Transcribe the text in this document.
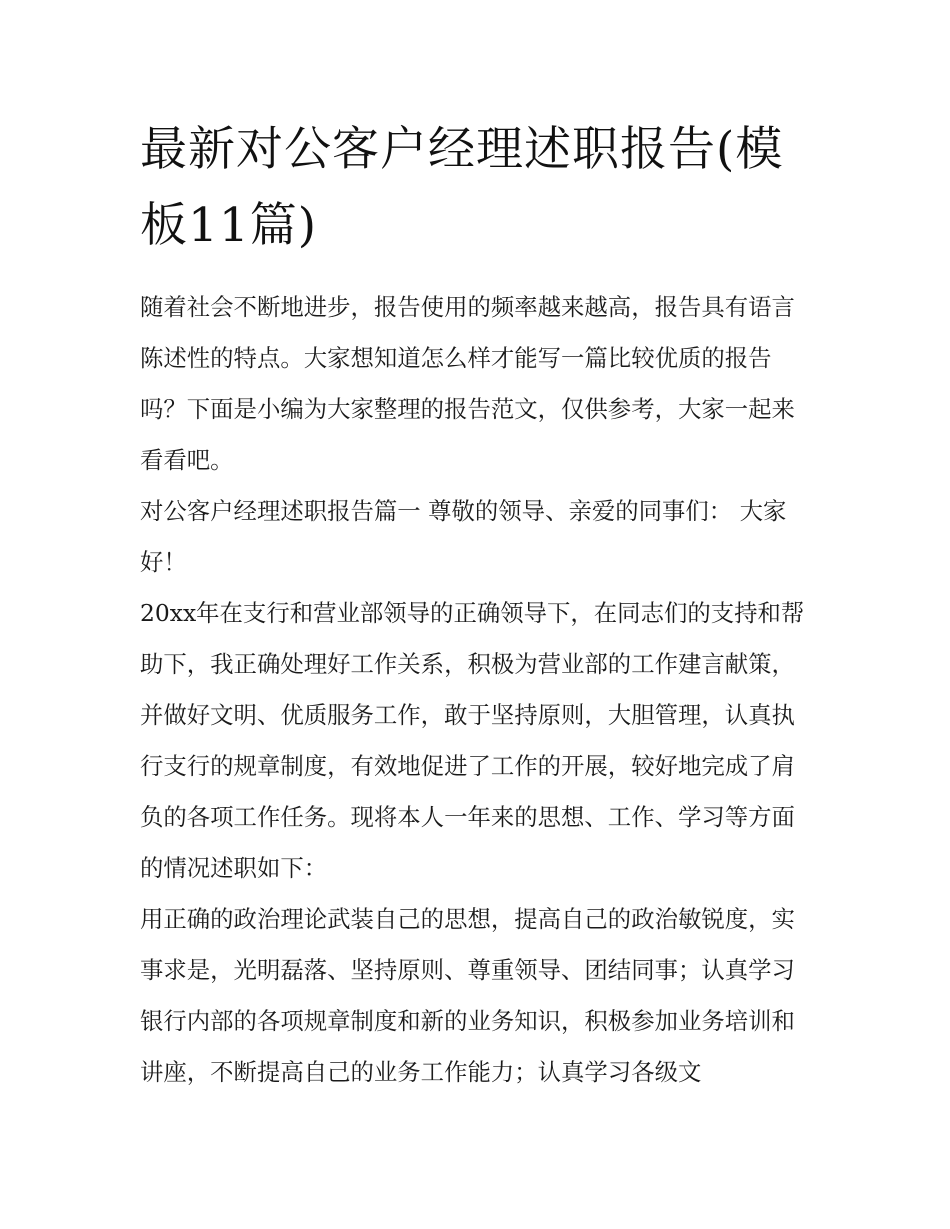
最新对公客户经理述职报告(模板11篇)

随着社会不断地进步，报告使用的频率越来越高，报告具有语言陈述性的特点。大家想知道怎么样才能写一篇比较优质的报告吗？下面是小编为大家整理的报告范文，仅供参考，大家一起来看看吧。

对公客户经理述职报告篇一 尊敬的领导、亲爱的同事们： 大家好！

20xx年在支行和营业部领导的正确领导下，在同志们的支持和帮助下，我正确处理好工作关系，积极为营业部的工作建言献策，并做好文明、优质服务工作，敢于坚持原则，大胆管理，认真执行支行的规章制度，有效地促进了工作的开展，较好地完成了肩负的各项工作任务。现将本人一年来的思想、工作、学习等方面的情况述职如下：

用正确的政治理论武装自己的思想，提高自己的政治敏锐度，实事求是，光明磊落、坚持原则、尊重领导、团结同事；认真学习银行内部的各项规章制度和新的业务知识，积极参加业务培训和讲座，不断提高自己的业务工作能力；认真学习各级文
